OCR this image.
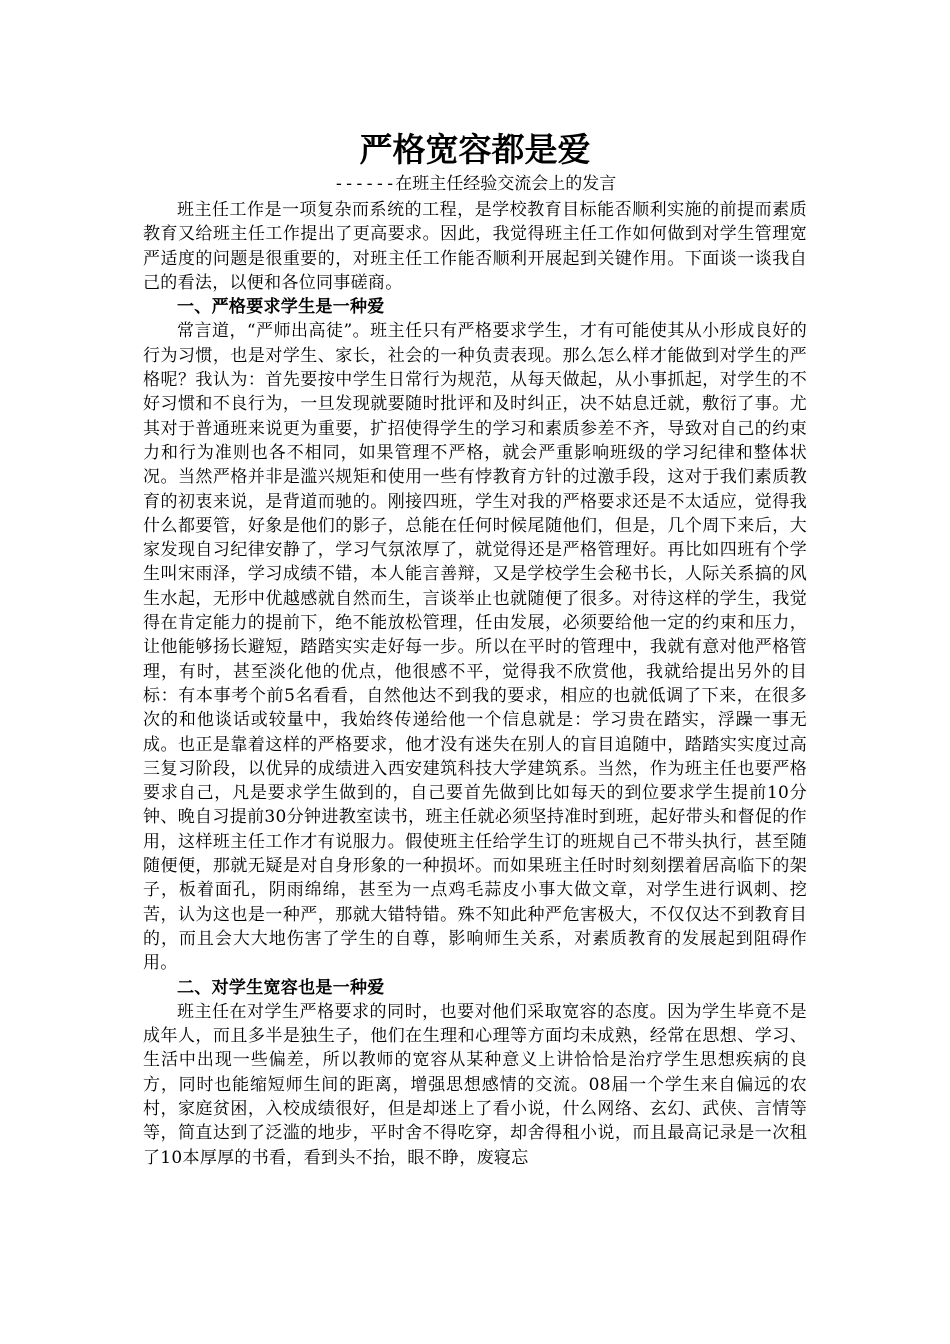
严格宽容都是爱
------在班主任经验交流会上的发言

班主任工作是一项复杂而系统的工程，是学校教育目标能否顺利实施的前提而素质教育又给班主任工作提出了更高要求。因此，我觉得班主任工作如何做到对学生管理宽严适度的问题是很重要的，对班主任工作能否顺利开展起到关键作用。下面谈一谈我自己的看法，以便和各位同事磋商。

一、严格要求学生是一种爱

常言道，“严师出高徒”。班主任只有严格要求学生，才有可能使其从小形成良好的行为习惯，也是对学生、家长，社会的一种负责表现。那么怎么样才能做到对学生的严格呢？我认为：首先要按中学生日常行为规范，从每天做起，从小事抓起，对学生的不好习惯和不良行为，一旦发现就要随时批评和及时纠正，决不姑息迁就，敷衍了事。尤其对于普通班来说更为重要，扩招使得学生的学习和素质参差不齐，导致对自己的约束力和行为准则也各不相同，如果管理不严格，就会严重影响班级的学习纪律和整体状况。当然严格并非是滥兴规矩和使用一些有悖教育方针的过激手段，这对于我们素质教育的初衷来说，是背道而驰的。刚接四班，学生对我的严格要求还是不太适应，觉得我什么都要管，好象是他们的影子，总能在任何时候尾随他们，但是，几个周下来后，大家发现自习纪律安静了，学习气氛浓厚了，就觉得还是严格管理好。再比如四班有个学生叫宋雨泽，学习成绩不错，本人能言善辩，又是学校学生会秘书长，人际关系搞的风生水起，无形中优越感就自然而生，言谈举止也就随便了很多。对待这样的学生，我觉得在肯定能力的提前下，绝不能放松管理，任由发展，必须要给他一定的约束和压力，让他能够扬长避短，踏踏实实走好每一步。所以在平时的管理中，我就有意对他严格管理，有时，甚至淡化他的优点，他很感不平，觉得我不欣赏他，我就给提出另外的目标：有本事考个前5名看看，自然他达不到我的要求，相应的也就低调了下来，在很多次的和他谈话或较量中，我始终传递给他一个信息就是：学习贵在踏实，浮躁一事无成。也正是靠着这样的严格要求，他才没有迷失在别人的盲目追随中，踏踏实实度过高三复习阶段，以优异的成绩进入西安建筑科技大学建筑系。当然，作为班主任也要严格要求自己，凡是要求学生做到的，自己要首先做到比如每天的到位要求学生提前10分钟、晚自习提前30分钟进教室读书，班主任就必须坚持准时到班，起好带头和督促的作用，这样班主任工作才有说服力。假使班主任给学生订的班规自己不带头执行，甚至随随便便，那就无疑是对自身形象的一种损坏。而如果班主任时时刻刻摆着居高临下的架子，板着面孔，阴雨绵绵，甚至为一点鸡毛蒜皮小事大做文章，对学生进行讽刺、挖苦，认为这也是一种严，那就大错特错。殊不知此种严危害极大，不仅仅达不到教育目的，而且会大大地伤害了学生的自尊，影响师生关系，对素质教育的发展起到阻碍作用。

二、对学生宽容也是一种爱

班主任在对学生严格要求的同时，也要对他们采取宽容的态度。因为学生毕竟不是成年人，而且多半是独生子，他们在生理和心理等方面均未成熟，经常在思想、学习、生活中出现一些偏差，所以教师的宽容从某种意义上讲恰恰是治疗学生思想疾病的良方，同时也能缩短师生间的距离，增强思想感情的交流。08届一个学生来自偏远的农村，家庭贫困，入校成绩很好，但是却迷上了看小说，什么网络、玄幻、武侠、言情等等，简直达到了泛滥的地步，平时舍不得吃穿，却舍得租小说，而且最高记录是一次租了10本厚厚的书看，看到头不抬，眼不睁，废寝忘
